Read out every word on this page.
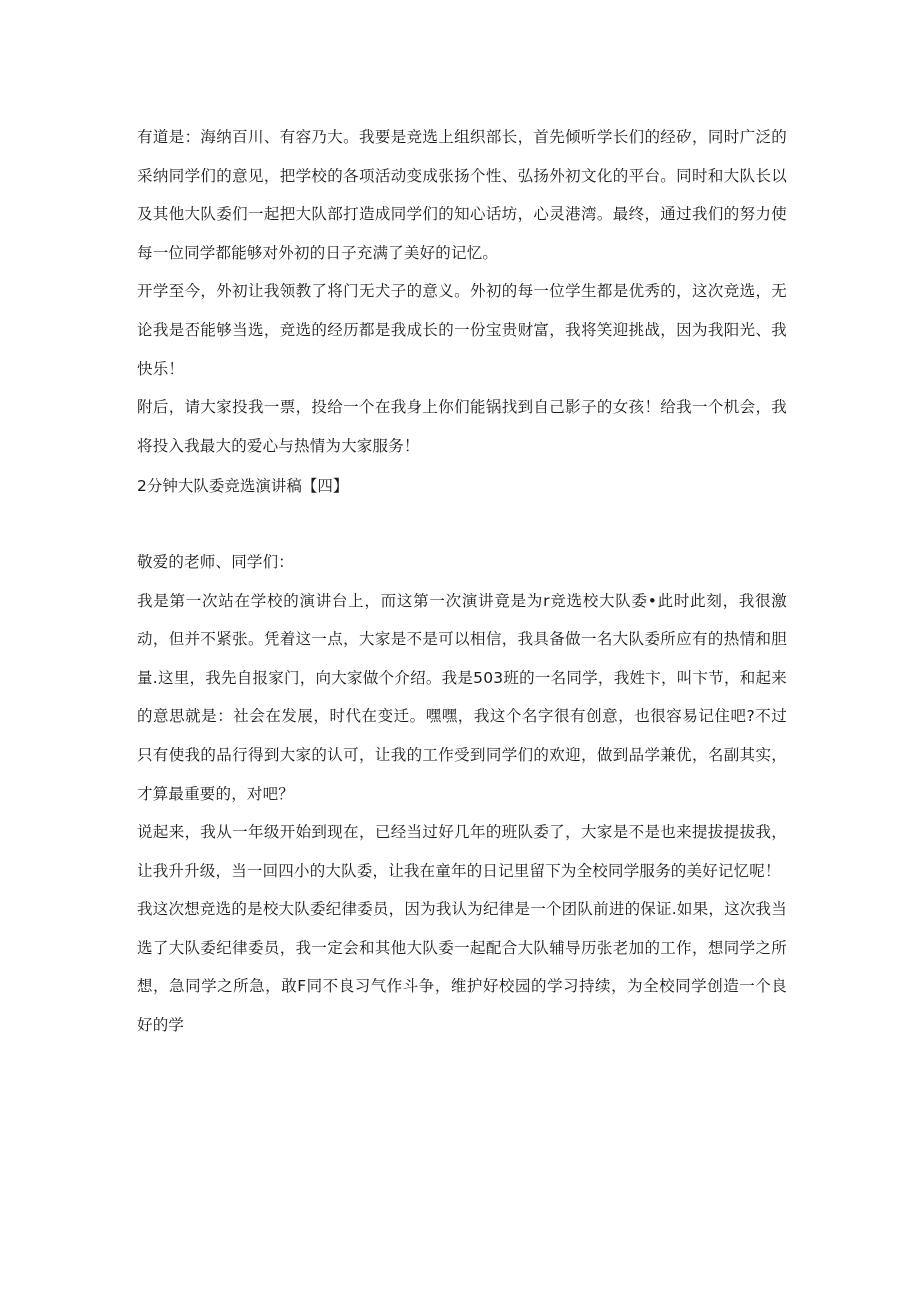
有道是：海纳百川、有容乃大。我要是竞选上组织部长，首先倾听学长们的经矽，同时广泛的采纳同学们的意见，把学校的各项活动变成张扬个性、弘扬外初文化的平台。同时和大队长以及其他大队委们一起把大队部打造成同学们的知心话坊，心灵港湾。最终，通过我们的努力使每一位同学都能够对外初的日子充满了美好的记忆。

开学至今，外初让我领教了将门无犬子的意义。外初的每一位学生都是优秀的，这次竞选，无论我是否能够当选，竞选的经历都是我成长的一份宝贵财富，我将笑迎挑战，因为我阳光、我快乐！

附后，请大家投我一票，投给一个在我身上你们能锅找到自己影子的女孩！给我一个机会，我将投入我最大的爱心与热情为大家服务！

2分钟大队委竞选演讲稿【四】

敬爱的老师、同学们：

我是第一次站在学校的演讲台上，而这第一次演讲竟是为r竞选校大队委•此时此刻，我很激动，但并不紧张。凭着这一点，大家是不是可以相信，我具备做一名大队委所应有的热情和胆量.这里，我先自报家门，向大家做个介绍。我是503班的一名同学，我姓卞，叫卞节，和起来的意思就是：社会在发展，时代在变迁。嘿嘿，我这个名字很有创意，也很容易记住吧?不过只有使我的品行得到大家的认可，让我的工作受到同学们的欢迎，做到品学兼优，名副其实，才算最重要的，对吧？

说起来，我从一年级开始到现在，已经当过好几年的班队委了，大家是不是也来提拔提拔我，让我升升级，当一回四小的大队委，让我在童年的日记里留下为全校同学服务的美好记忆呢！

我这次想竞选的是校大队委纪律委员，因为我认为纪律是一个团队前进的保证.如果，这次我当选了大队委纪律委员，我一定会和其他大队委一起配合大队辅导历张老加的工作，想同学之所想，急同学之所急，敢F同不良习气作斗争，维护好校园的学习持续，为全校同学创造一个良好的学
